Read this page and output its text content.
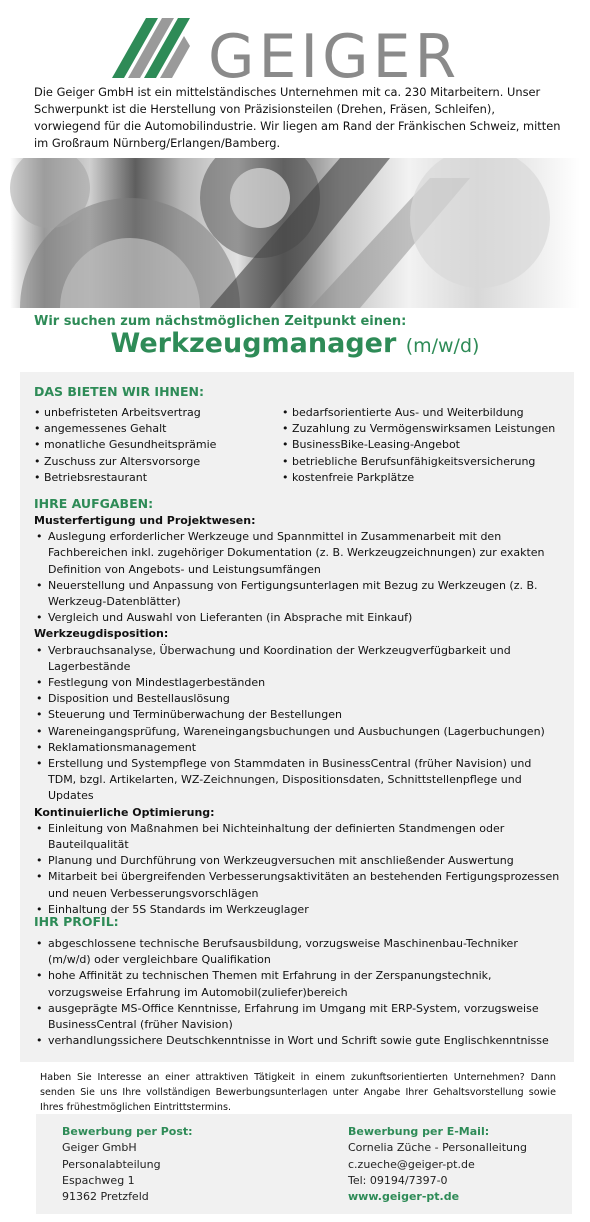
GEIGER
Die Geiger GmbH ist ein mittelständisches Unternehmen mit ca. 230 Mitarbeitern. Unser Schwerpunkt ist die Herstellung von Präzisionsteilen (Drehen, Fräsen, Schleifen), vorwiegend für die Automobilindustrie. Wir liegen am Rand der Fränkischen Schweiz, mitten im Großraum Nürnberg/Erlangen/Bamberg.
Wir suchen zum nächstmöglichen Zeitpunkt einen:
Werkzeugmanager (m/w/d)
DAS BIETEN WIR IHNEN:
• unbefristeten Arbeitsvertrag
• angemessenes Gehalt
• monatliche Gesundheitsprämie
• Zuschuss zur Altersvorsorge
• Betriebsrestaurant
• bedarfsorientierte Aus- und Weiterbildung
• Zuzahlung zu Vermögenswirksamen Leistungen
• BusinessBike-Leasing-Angebot
• betriebliche Berufsunfähigkeitsversicherung
• kostenfreie Parkplätze
IHRE AUFGABEN:
Musterfertigung und Projektwesen:
• Auslegung erforderlicher Werkzeuge und Spannmittel in Zusammenarbeit mit den Fachbereichen inkl. zugehöriger Dokumentation (z. B. Werkzeugzeichnungen) zur exakten Definition von Angebots- und Leistungsumfängen
• Neuerstellung und Anpassung von Fertigungsunterlagen mit Bezug zu Werkzeugen (z. B. Werkzeug-Datenblätter)
• Vergleich und Auswahl von Lieferanten (in Absprache mit Einkauf)
Werkzeugdisposition:
• Verbrauchsanalyse, Überwachung und Koordination der Werkzeugverfügbarkeit und Lagerbestände
• Festlegung von Mindestlagerbeständen
• Disposition und Bestellauslösung
• Steuerung und Terminüberwachung der Bestellungen
• Wareneingangsprüfung, Wareneingangsbuchungen und Ausbuchungen (Lagerbuchungen)
• Reklamationsmanagement
• Erstellung und Systempflege von Stammdaten in BusinessCentral (früher Navision) und TDM, bzgl. Artikelarten, WZ-Zeichnungen, Dispositionsdaten, Schnittstellenpflege und Updates
Kontinuierliche Optimierung:
• Einleitung von Maßnahmen bei Nichteinhaltung der definierten Standmengen oder Bauteilqualität
• Planung und Durchführung von Werkzeugversuchen mit anschließender Auswertung
• Mitarbeit bei übergreifenden Verbesserungsaktivitäten an bestehenden Fertigungsprozessen und neuen Verbesserungsvorschlägen
• Einhaltung der 5S Standards im Werkzeuglager
IHR PROFIL:
• abgeschlossene technische Berufsausbildung, vorzugsweise Maschinenbau-Techniker (m/w/d) oder vergleichbare Qualifikation
• hohe Affinität zu technischen Themen mit Erfahrung in der Zerspanungstechnik, vorzugsweise Erfahrung im Automobil(zuliefer)bereich
• ausgeprägte MS-Office Kenntnisse, Erfahrung im Umgang mit ERP-System, vorzugsweise BusinessCentral (früher Navision)
• verhandlungssichere Deutschkenntnisse in Wort und Schrift sowie gute Englischkenntnisse
Haben Sie Interesse an einer attraktiven Tätigkeit in einem zukunftsorientierten Unternehmen? Dann senden Sie uns Ihre vollständigen Bewerbungsunterlagen unter Angabe Ihrer Gehaltsvorstellung sowie Ihres frühestmöglichen Eintrittstermins.
Bewerbung per Post:
Geiger GmbH
Personalabteilung
Espachweg 1
91362 Pretzfeld
Bewerbung per E-Mail:
Cornelia Züche - Personalleitung
c.zueche@geiger-pt.de
Tel: 09194/7397-0
www.geiger-pt.de
